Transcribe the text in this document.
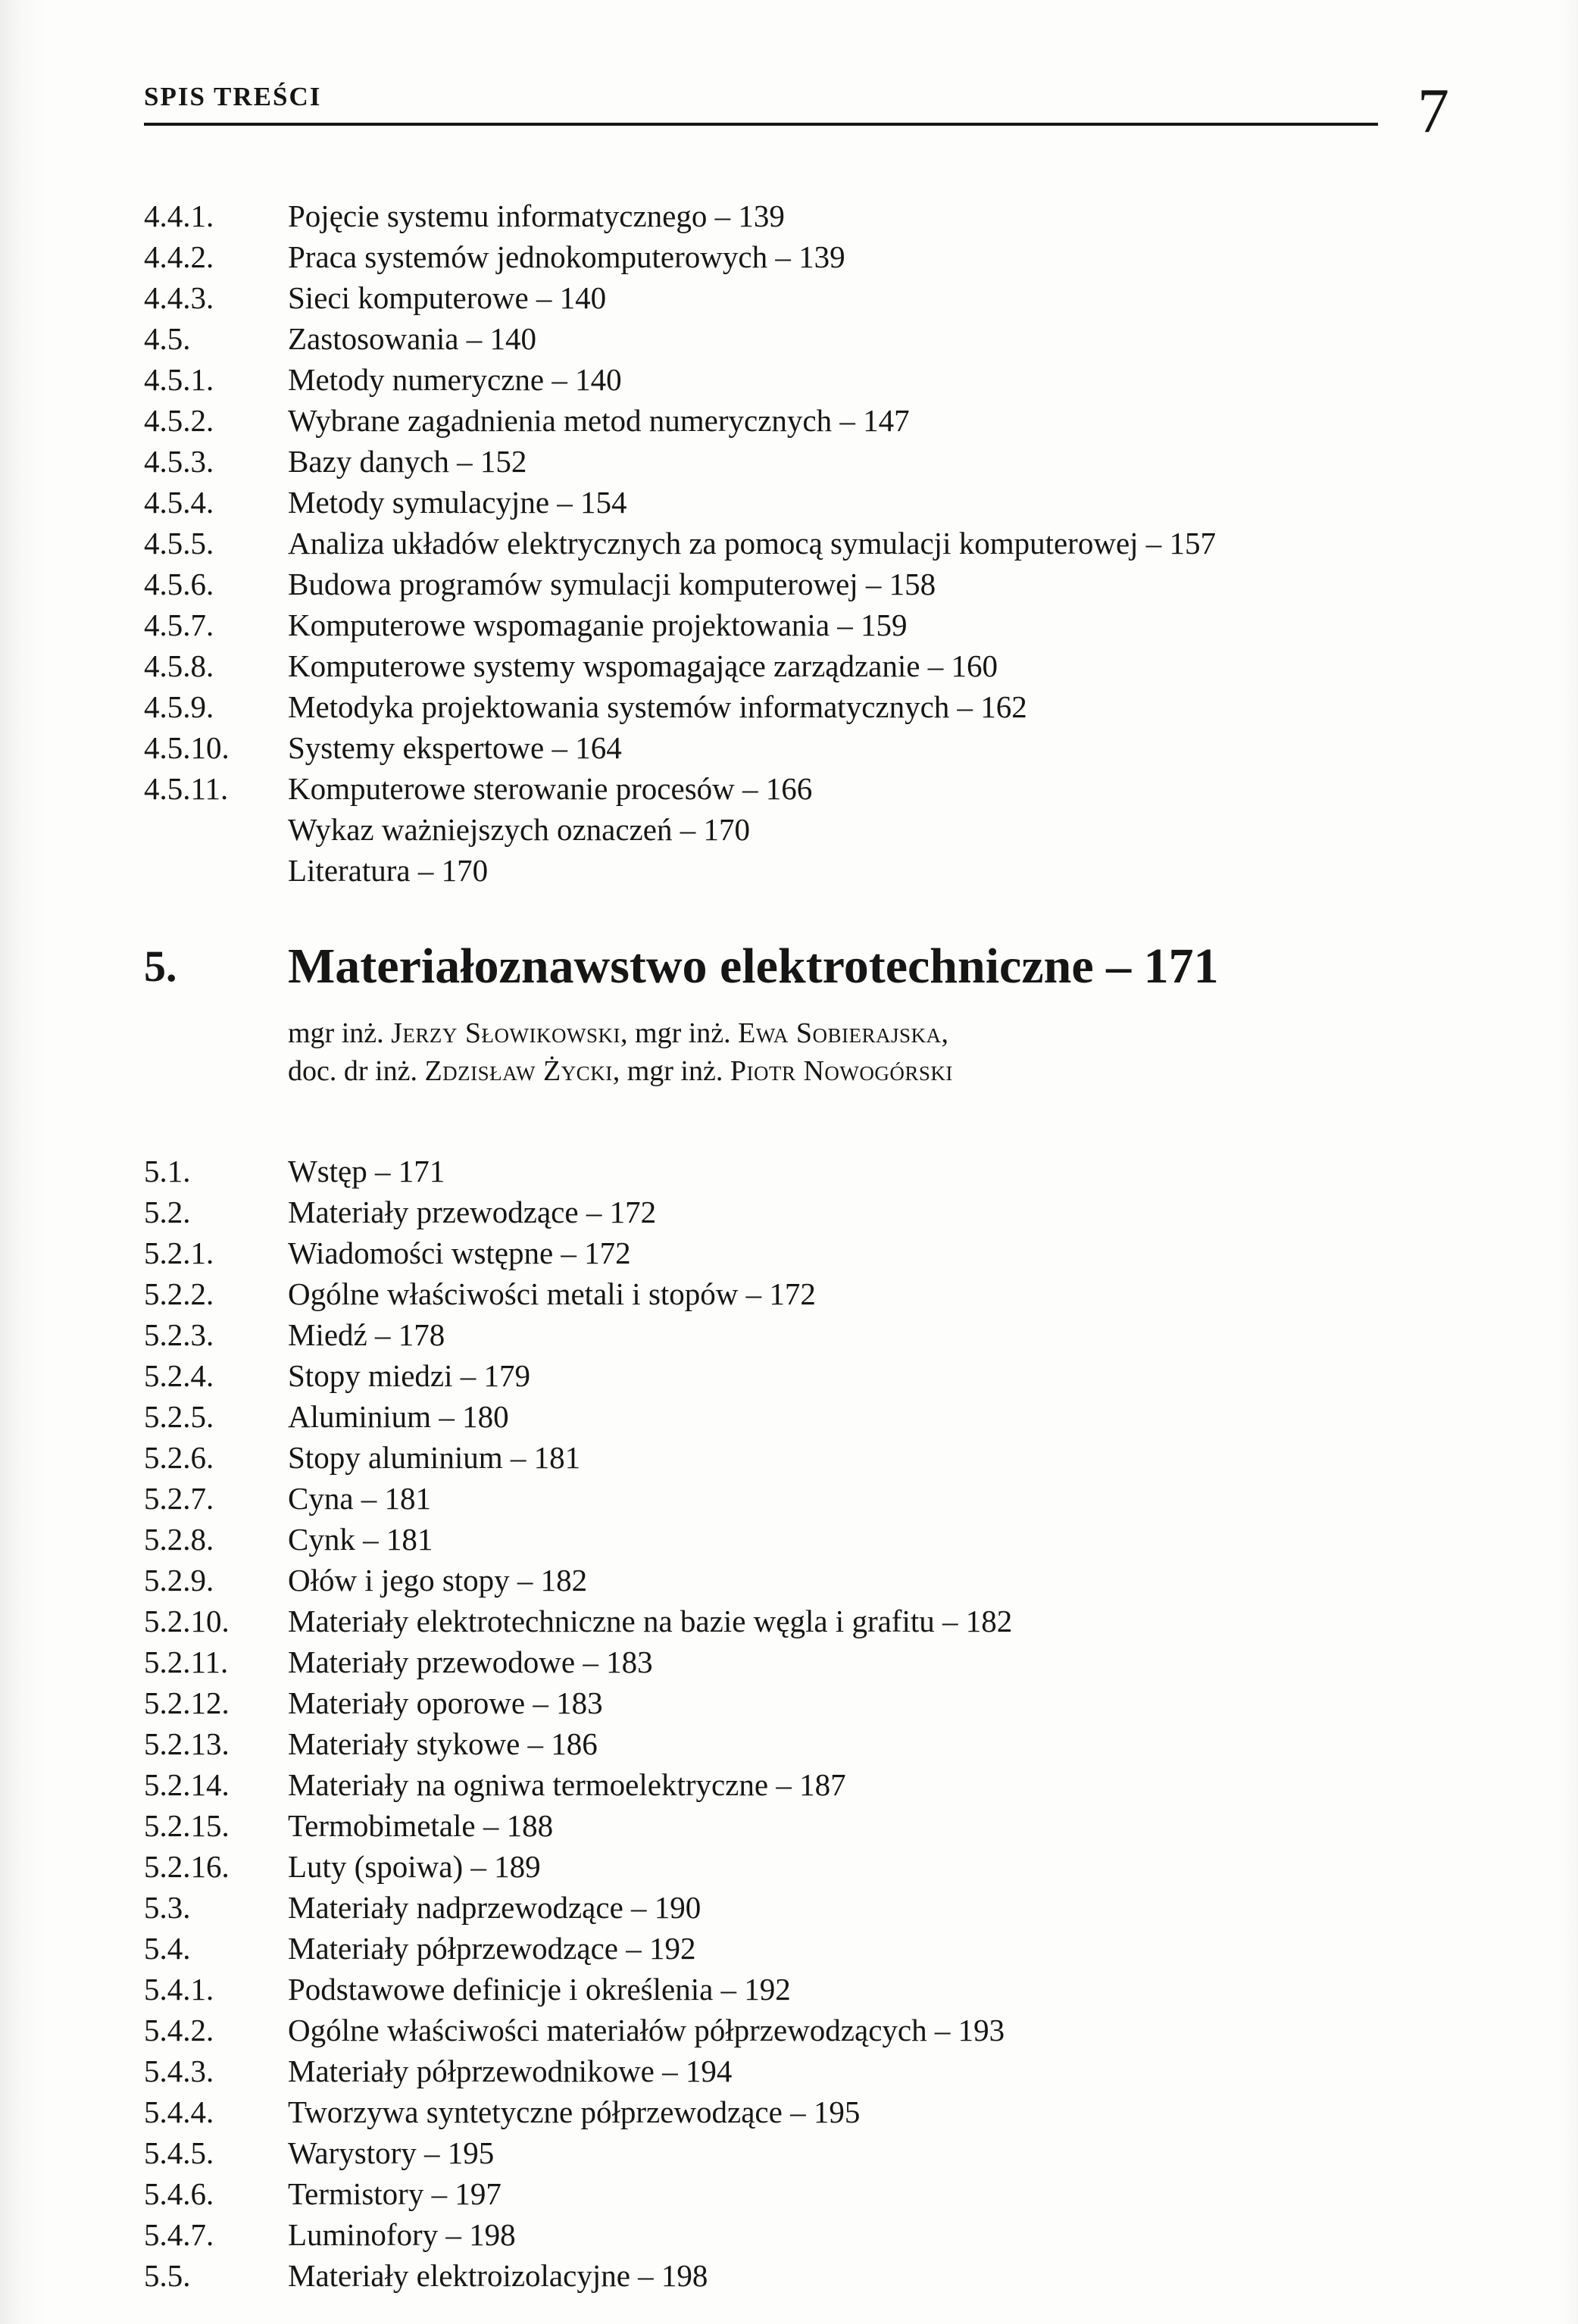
SPIS TREŚCI	7
4.4.1.	Pojęcie systemu informatycznego – 139
4.4.2.	Praca systemów jednokomputerowych – 139
4.4.3.	Sieci komputerowe – 140
4.5.	Zastosowania – 140
4.5.1.	Metody numeryczne – 140
4.5.2.	Wybrane zagadnienia metod numerycznych – 147
4.5.3.	Bazy danych – 152
4.5.4.	Metody symulacyjne – 154
4.5.5.	Analiza układów elektrycznych za pomocą symulacji komputerowej – 157
4.5.6.	Budowa programów symulacji komputerowej – 158
4.5.7.	Komputerowe wspomaganie projektowania – 159
4.5.8.	Komputerowe systemy wspomagające zarządzanie – 160
4.5.9.	Metodyka projektowania systemów informatycznych – 162
4.5.10.	Systemy ekspertowe – 164
4.5.11.	Komputerowe sterowanie procesów – 166
Wykaz ważniejszych oznaczeń – 170
Literatura – 170
5.	Materiałoznawstwo elektrotechniczne – 171
mgr inż. Jerzy Słowikowski, mgr inż. Ewa Sobierajska,
doc. dr inż. Zdzisław Życki, mgr inż. Piotr Nowogórski
5.1.	Wstęp – 171
5.2.	Materiały przewodzące – 172
5.2.1.	Wiadomości wstępne – 172
5.2.2.	Ogólne właściwości metali i stopów – 172
5.2.3.	Miedź – 178
5.2.4.	Stopy miedzi – 179
5.2.5.	Aluminium – 180
5.2.6.	Stopy aluminium – 181
5.2.7.	Cyna – 181
5.2.8.	Cynk – 181
5.2.9.	Ołów i jego stopy – 182
5.2.10.	Materiały elektrotechniczne na bazie węgla i grafitu – 182
5.2.11.	Materiały przewodowe – 183
5.2.12.	Materiały oporowe – 183
5.2.13.	Materiały stykowe – 186
5.2.14.	Materiały na ogniwa termoelektryczne – 187
5.2.15.	Termobimetale – 188
5.2.16.	Luty (spoiwa) – 189
5.3.	Materiały nadprzewodzące – 190
5.4.	Materiały półprzewodzące – 192
5.4.1.	Podstawowe definicje i określenia – 192
5.4.2.	Ogólne właściwości materiałów półprzewodzących – 193
5.4.3.	Materiały półprzewodnikowe – 194
5.4.4.	Tworzywa syntetyczne półprzewodzące – 195
5.4.5.	Warystory – 195
5.4.6.	Termistory – 197
5.4.7.	Luminofory – 198
5.5.	Materiały elektroizolacyjne – 198
